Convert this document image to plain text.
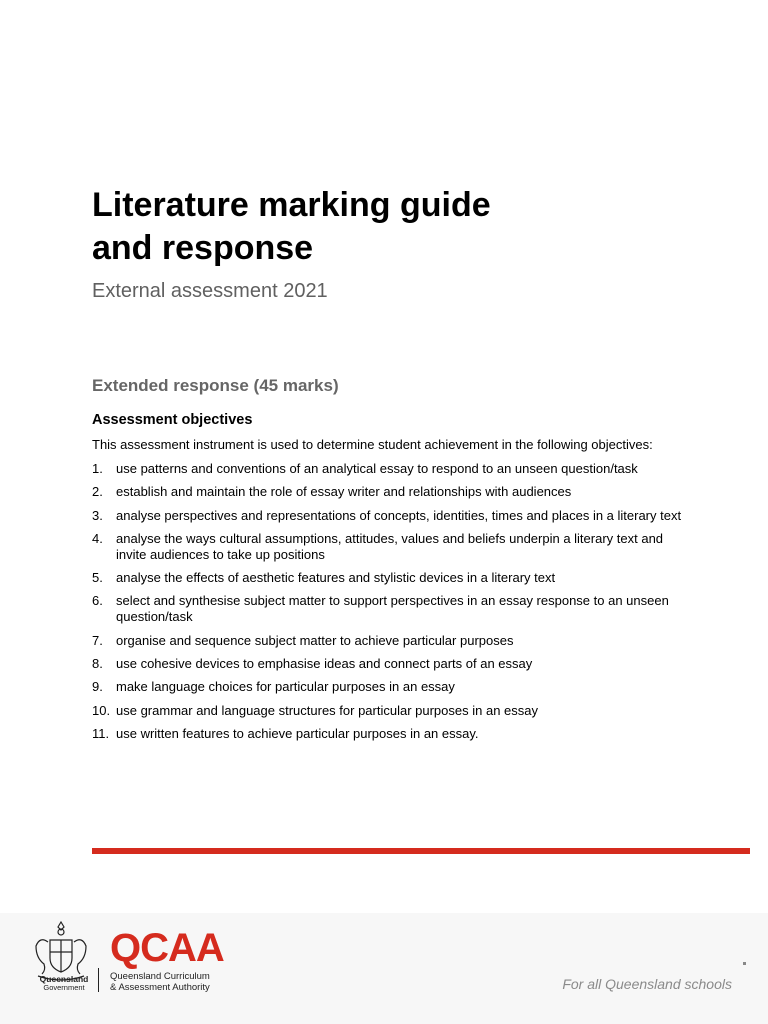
Literature marking guide
and response
External assessment 2021
Extended response (45 marks)
Assessment objectives
This assessment instrument is used to determine student achievement in the following objectives:
1.	use patterns and conventions of an analytical essay to respond to an unseen question/task
2.	establish and maintain the role of essay writer and relationships with audiences
3.	analyse perspectives and representations of concepts, identities, times and places in a literary text
4.	analyse the ways cultural assumptions, attitudes, values and beliefs underpin a literary text and invite audiences to take up positions
5.	analyse the effects of aesthetic features and stylistic devices in a literary text
6.	select and synthesise subject matter to support perspectives in an essay response to an unseen question/task
7.	organise and sequence subject matter to achieve particular purposes
8.	use cohesive devices to emphasise ideas and connect parts of an essay
9.	make language choices for particular purposes in an essay
10. use grammar and language structures for particular purposes in an essay
11. use written features to achieve particular purposes in an essay.
Queensland
Government
QCAA
Queensland Curriculum
& Assessment Authority	For all Queensland schools
